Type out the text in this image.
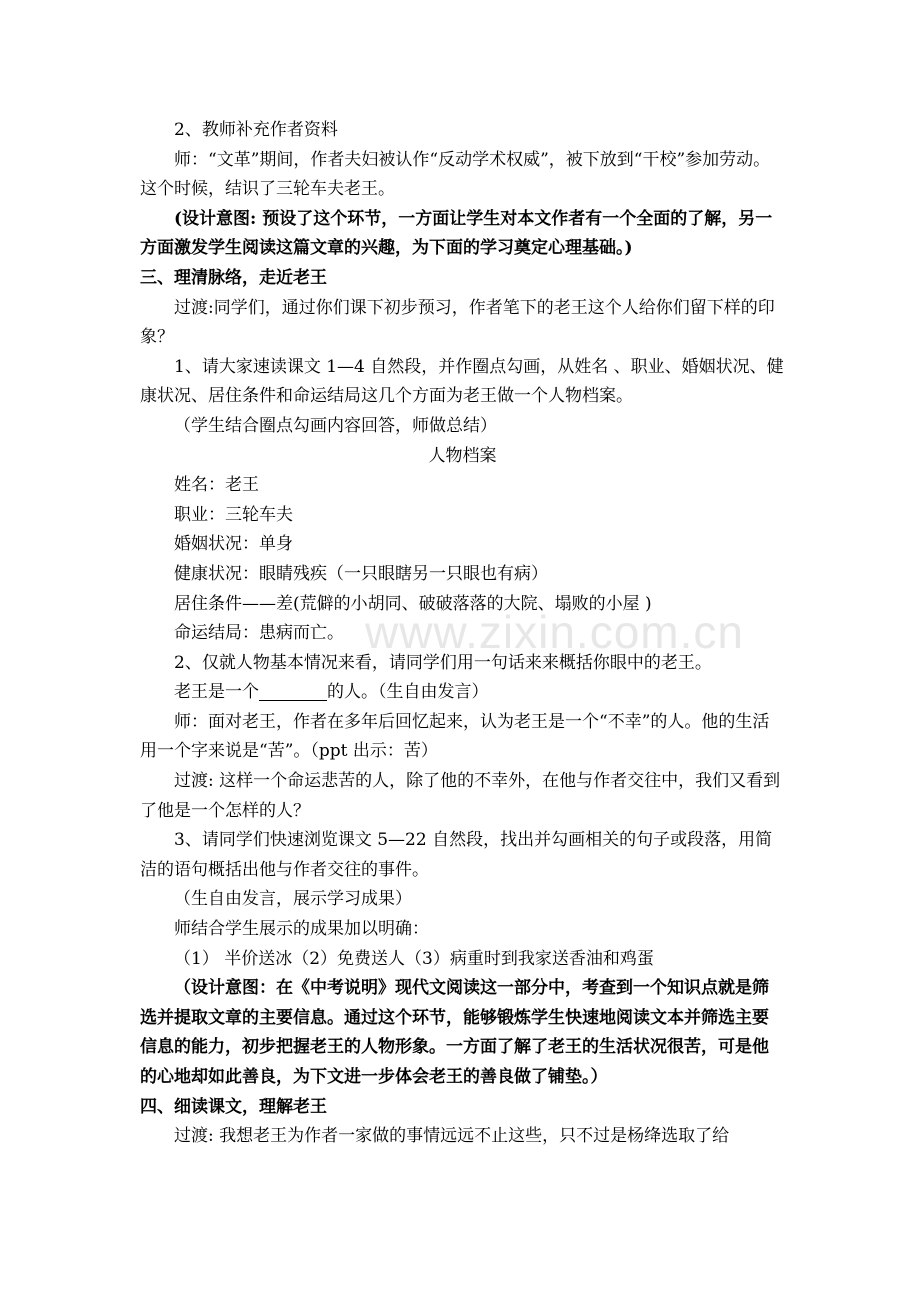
www.zixin.com.cn

2、教师补充作者资料

师：“文革”期间，作者夫妇被认作“反动学术权威”，被下放到“干校”参加劳动。这个时候，结识了三轮车夫老王。

(设计意图: 预设了这个环节，一方面让学生对本文作者有一个全面的了解，另一方面激发学生阅读这篇文章的兴趣，为下面的学习奠定心理基础。)

三、理清脉络，走近老王

过渡:同学们，通过你们课下初步预习，作者笔下的老王这个人给你们留下样的印象？

1、请大家速读课文 1—4 自然段，并作圈点勾画，从姓名 、职业、婚姻状况、健康状况、居住条件和命运结局这几个方面为老王做一个人物档案。

（学生结合圈点勾画内容回答，师做总结）

人物档案

姓名：老王

职业：三轮车夫

婚姻状况：单身

健康状况：眼睛残疾（一只眼瞎另一只眼也有病）

居住条件——差(荒僻的小胡同、破破落落的大院、塌败的小屋 )

命运结局：患病而亡。

2、仅就人物基本情况来看，请同学们用一句话来来概括你眼中的老王。

老王是一个	的人。（生自由发言）

师：面对老王，作者在多年后回忆起来，认为老王是一个“不幸”的人。他的生活用一个字来说是“苦”。（ppt 出示：苦）

过渡: 这样一个命运悲苦的人，除了他的不幸外，在他与作者交往中，我们又看到了他是一个怎样的人？

3、请同学们快速浏览课文 5—22 自然段，找出并勾画相关的句子或段落，用简洁的语句概括出他与作者交往的事件。

（生自由发言，展示学习成果）

师结合学生展示的成果加以明确：

（1） 半价送冰（2）免费送人（3）病重时到我家送香油和鸡蛋

（设计意图：在《中考说明》现代文阅读这一部分中，考查到一个知识点就是筛选并提取文章的主要信息。通过这个环节，能够锻炼学生快速地阅读文本并筛选主要信息的能力，初步把握老王的人物形象。一方面了解了老王的生活状况很苦，可是他的心地却如此善良，为下文进一步体会老王的善良做了铺垫。）

四、细读课文，理解老王

过渡: 我想老王为作者一家做的事情远远不止这些，只不过是杨绛选取了给
